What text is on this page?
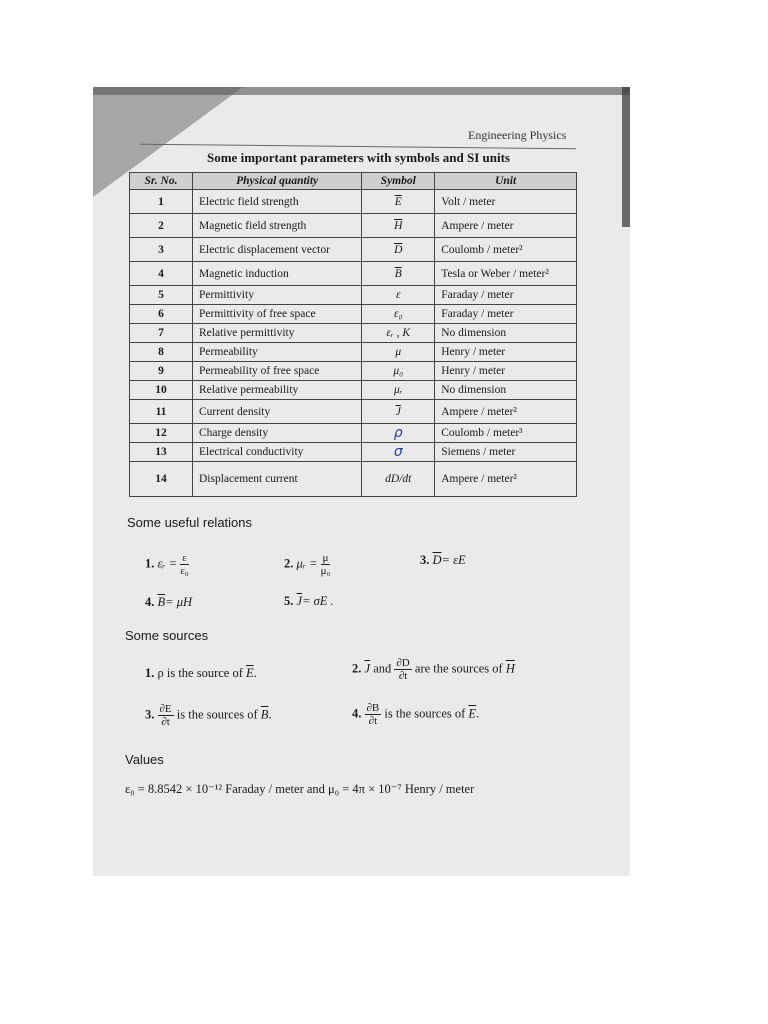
Engineering Physics
Some important parameters with symbols and SI units
Sr. No.	Physical quantity	Symbol	Unit
1	Electric field strength	$\overline{E}$	Volt / meter
2	Magnetic field strength	$\overline{H}$	Ampere / meter
3	Electric displacement vector	$\overline{D}$	Coulomb / meter²
4	Magnetic induction	$\overline{B}$	Tesla or Weber / meter²
5	Permittivity	ε	Faraday / meter
6	Permittivity of free space	ε₀	Faraday / meter
7	Relative permittivity	εᵣ , K	No dimension
8	Permeability	μ	Henry / meter
9	Permeability of free space	μ₀	Henry / meter
10	Relative permeability	μᵣ	No dimension
11	Current density	$\overline{J}$	Ampere / meter²
12	Charge density	ρ	Coulomb / meter³
13	Electrical conductivity	σ	Siemens / meter
14	Displacement current	dD/dt	Ampere / meter²
Some useful relations
1. εᵣ = $\frac{\varepsilon}{\text{ε₀}}$	2. μᵣ = $\frac{\mu}{\text{μ₀}}$	3. $\overline{D}= \varepsilon E$
4. $\overline{B}= \mu H$	5. $\overline{J}= \sigma E$ .
Some sources
1. ρ is the source of $\overline{E}$.	2. $\overline{J}$ and $\frac{\partial D}{\partial t}$ are the sources of $\overline{H}$
3. $\frac{\partial E}{\partial t}$ is the sources of $\overline{B}$.	4. $\frac{\partial B}{\partial t}$ is the sources of $\overline{E}$.
Values
ε₀ = 8.8542 × 10⁻¹² Faraday / meter and μ₀ = 4π × 10⁻⁷ Henry / meter
